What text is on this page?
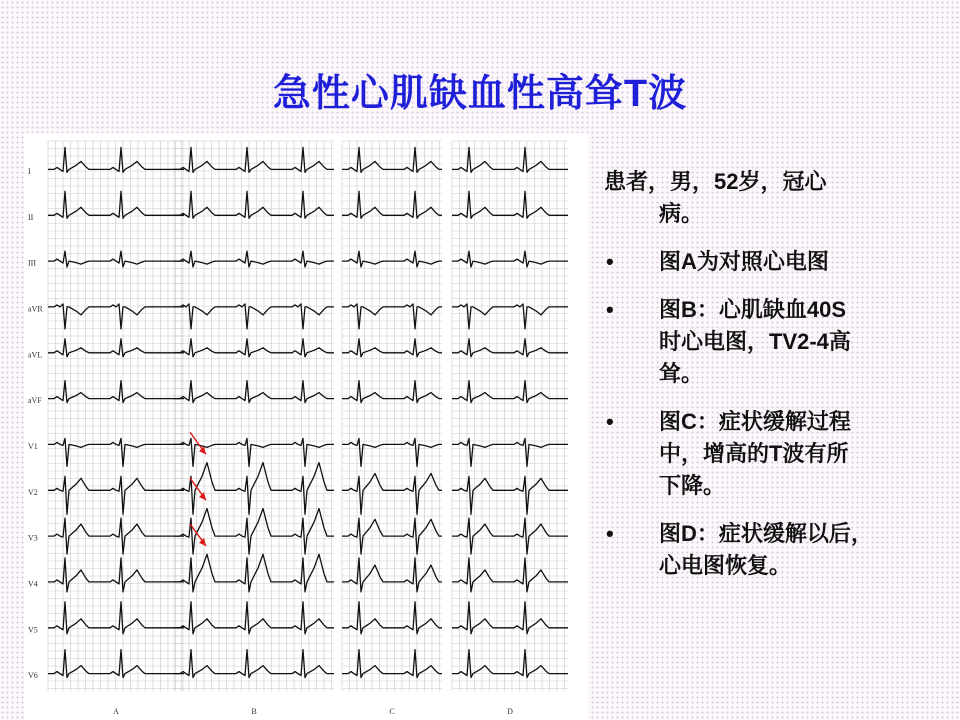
急性心肌缺血性高耸T波
I
II
III
aVR
aVL
aVF
V1
V2
V3
V4
V5
V6
A	B	C	D
患者，男，52岁，冠心
病。
• 图A为对照心电图
• 图B：心肌缺血40S
时心电图，TV2-4高
耸。
• 图C：症状缓解过程
中，增高的T波有所
下降。
• 图D：症状缓解以后，
心电图恢复。
